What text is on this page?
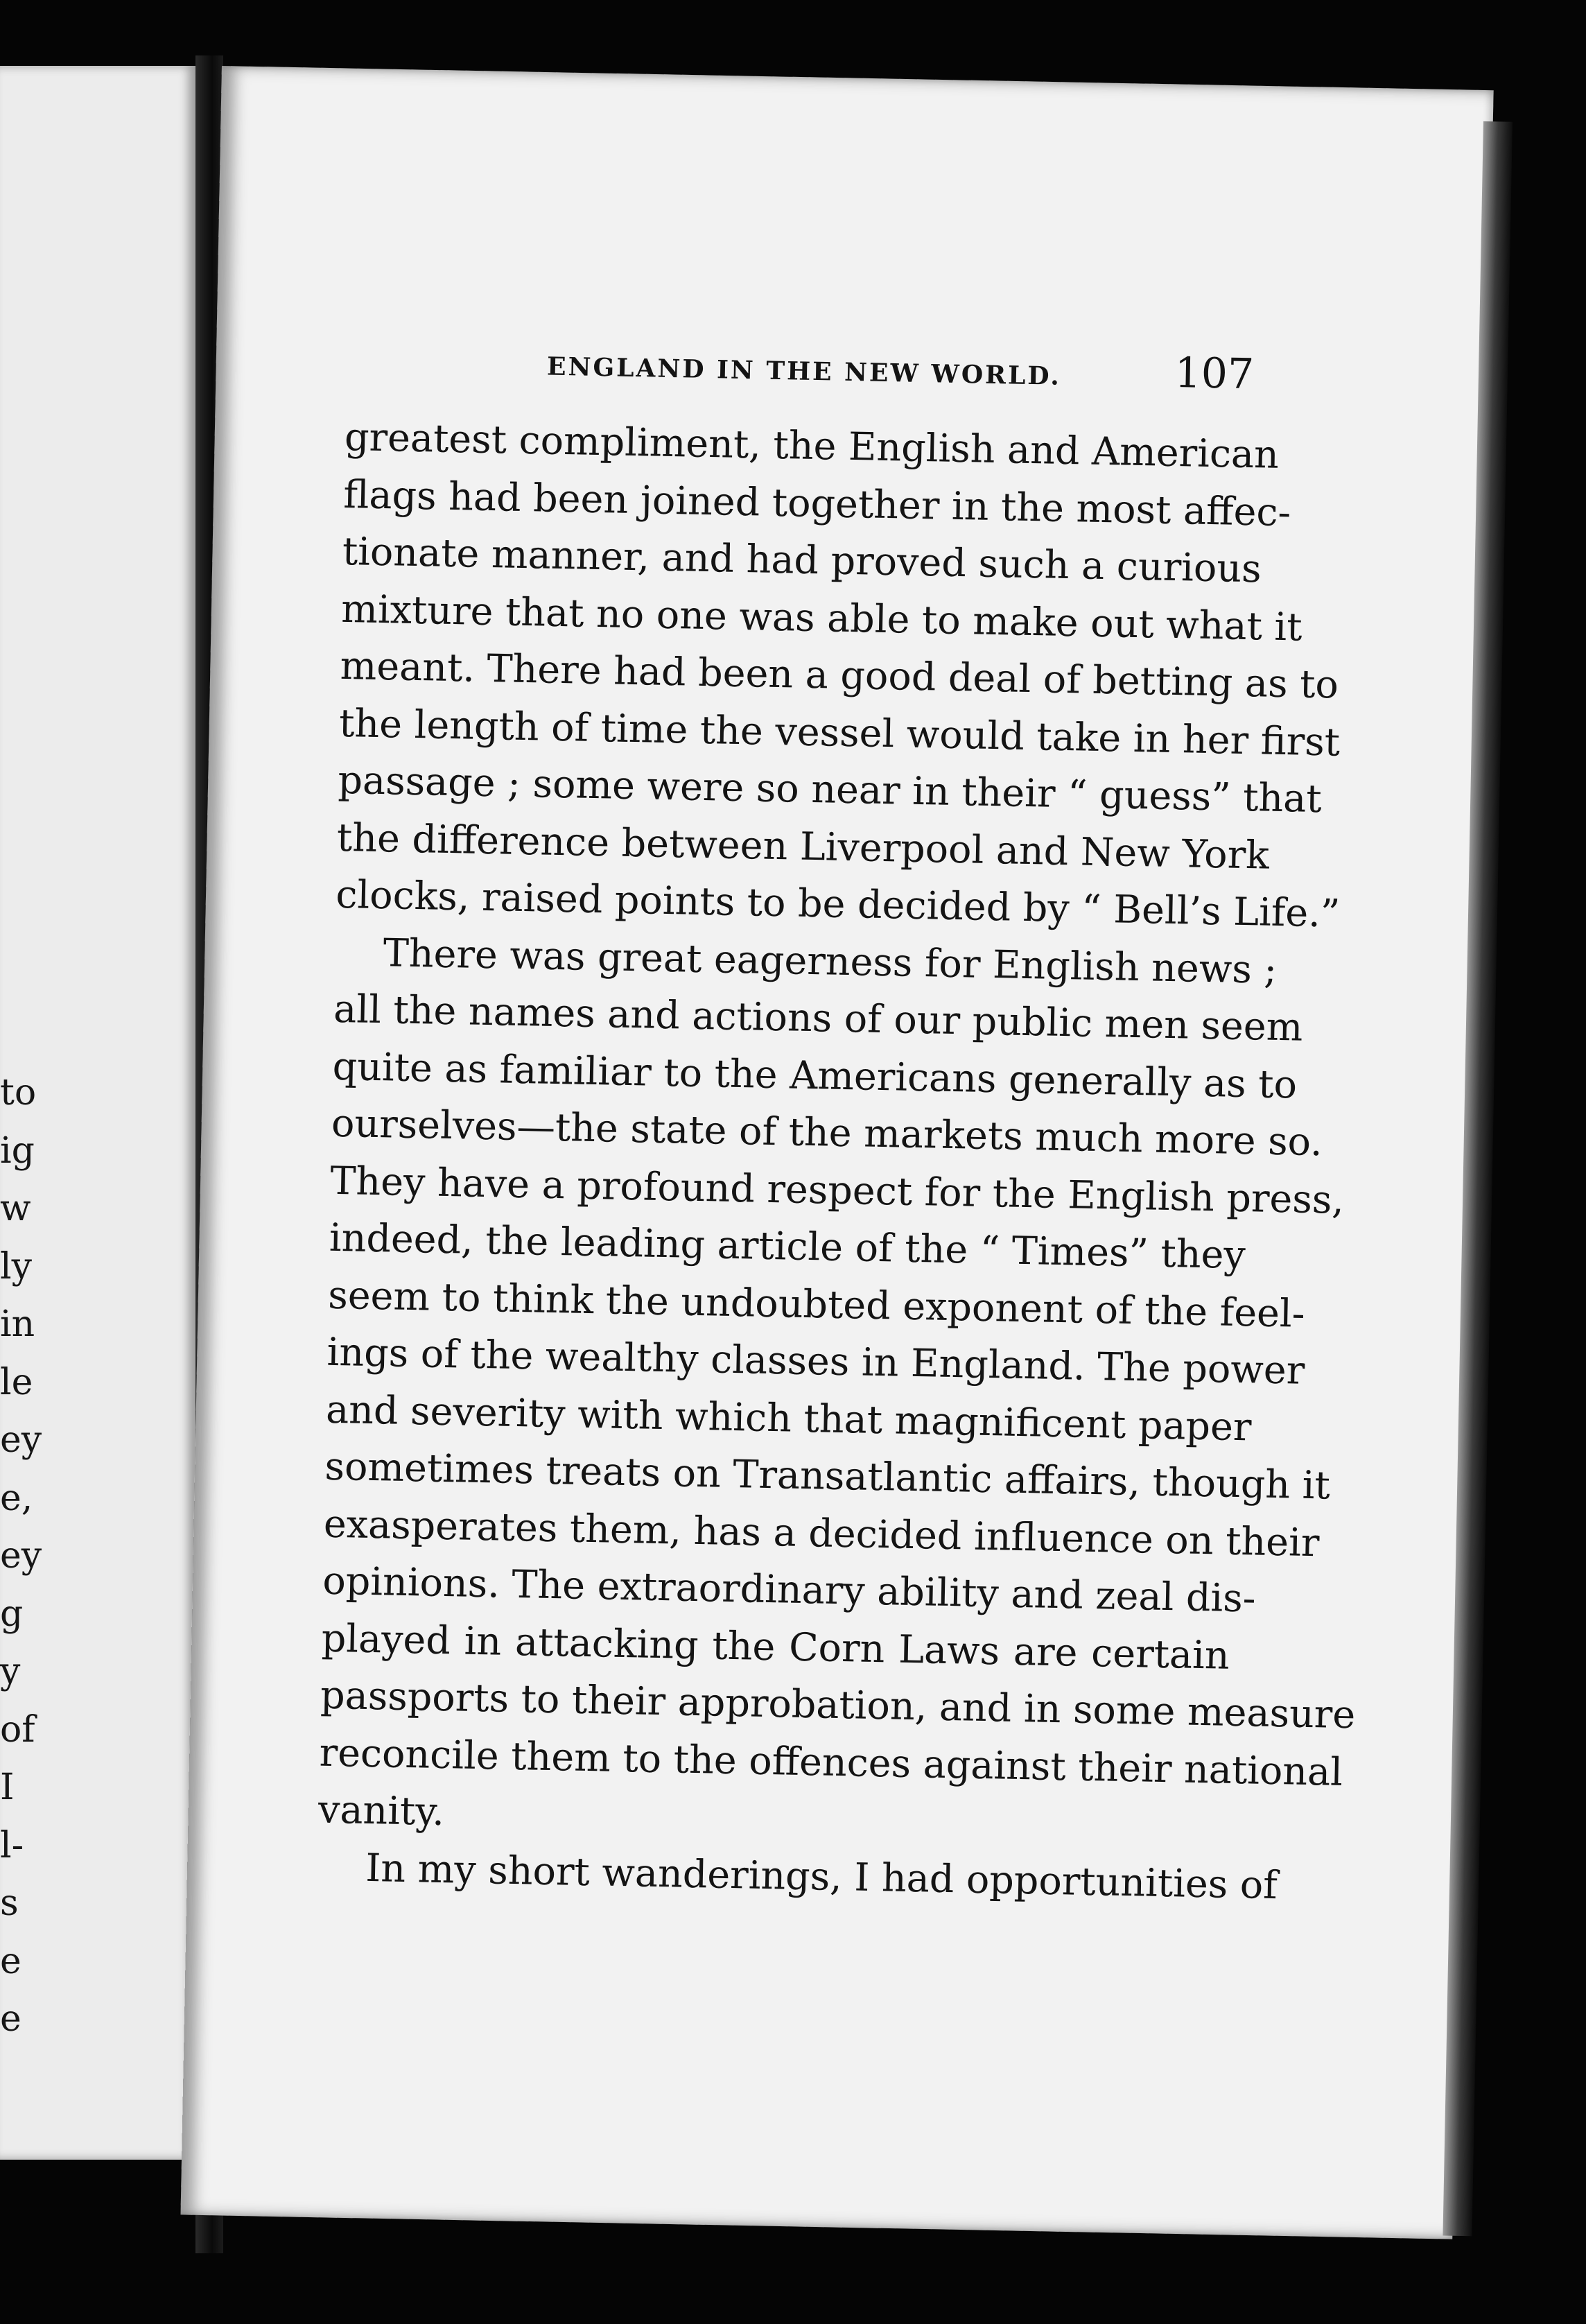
to
ig
w
ly
in
le
ey
e,
ey
g
y
of
I
l-
s
e
e
ENGLAND IN THE NEW WORLD.	107
greatest compliment, the English and American
flags had been joined together in the most affec-
tionate manner, and had proved such a curious
mixture that no one was able to make out what it
meant. There had been a good deal of betting as to
the length of time the vessel would take in her first
passage ; some were so near in their “ guess” that
the difference between Liverpool and New York
clocks, raised points to be decided by “ Bell’s Life.”
There was great eagerness for English news ;
all the names and actions of our public men seem
quite as familiar to the Americans generally as to
ourselves—the state of the markets much more so.
They have a profound respect for the English press,
indeed, the leading article of the “ Times” they
seem to think the undoubted exponent of the feel-
ings of the wealthy classes in England. The power
and severity with which that magnificent paper
sometimes treats on Transatlantic affairs, though it
exasperates them, has a decided influence on their
opinions. The extraordinary ability and zeal dis-
played in attacking the Corn Laws are certain
passports to their approbation, and in some measure
reconcile them to the offences against their national
vanity.
In my short wanderings, I had opportunities of
